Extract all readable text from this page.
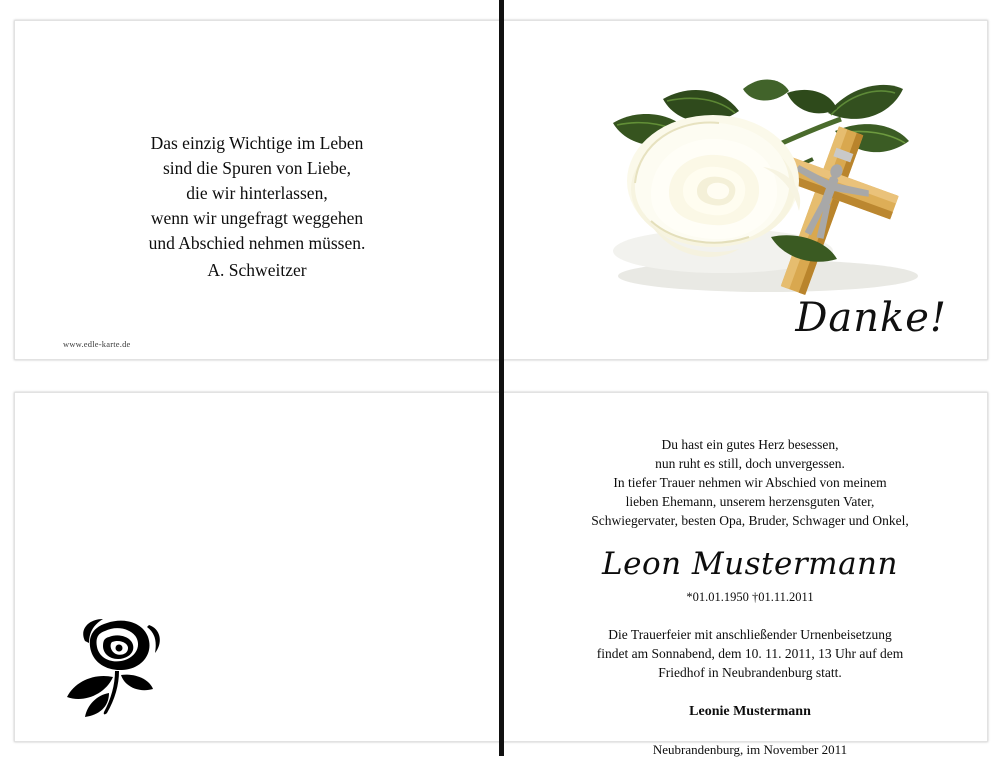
Das einzig Wichtige im Leben
sind die Spuren von Liebe,
die wir hinterlassen,
wenn wir ungefragt weggehen
und Abschied nehmen müssen.
A. Schweitzer
www.edle-karte.de
Danke!
Du hast ein gutes Herz besessen,
nun ruht es still, doch unvergessen.
In tiefer Trauer nehmen wir Abschied von meinem
lieben Ehemann, unserem herzensguten Vater,
Schwiegervater, besten Opa, Bruder, Schwager und Onkel,
Leon Mustermann
*01.01.1950 †01.11.2011
Die Trauerfeier mit anschließender Urnenbeisetzung
findet am Sonnabend, dem 10. 11. 2011, 13 Uhr auf dem
Friedhof in Neubrandenburg statt.
Leonie Mustermann
Neubrandenburg, im November 2011
